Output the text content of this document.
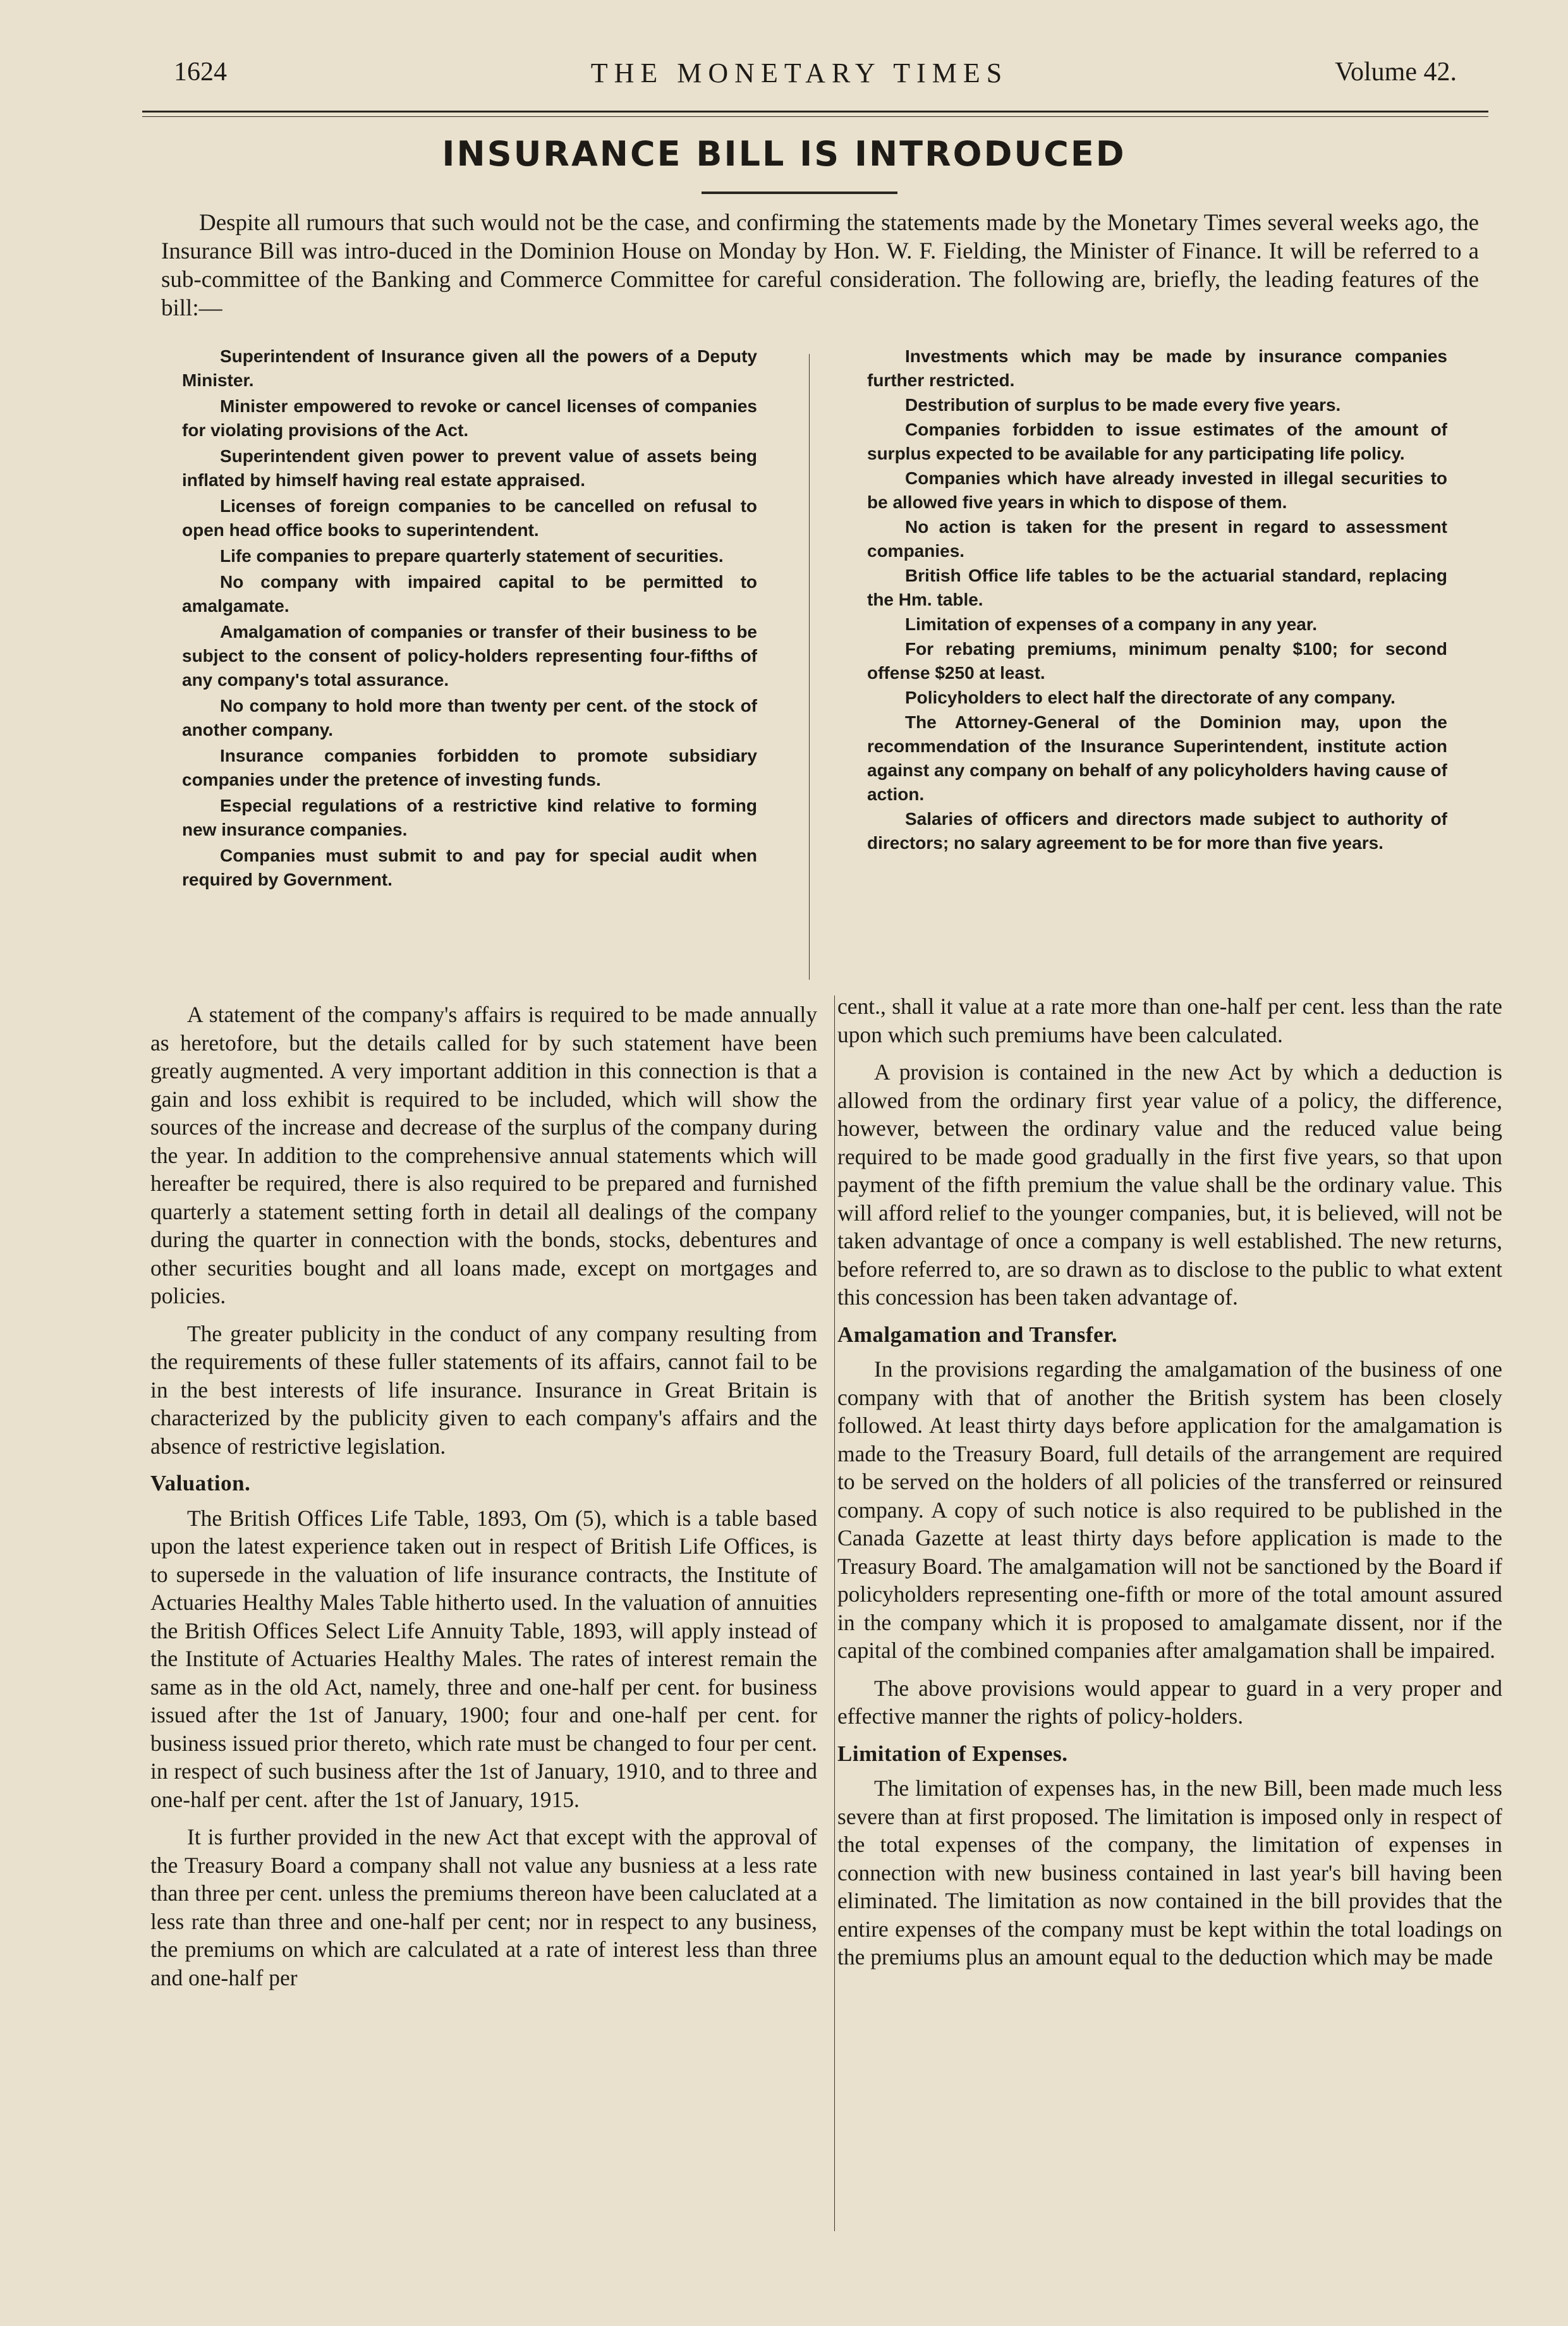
1624	THE MONETARY TIMES	Volume 42.
INSURANCE BILL IS INTRODUCED
Despite all rumours that such would not be the case, and confirming the statements made by the Monetary Times several weeks ago, the Insurance Bill was intro-duced in the Dominion House on Monday by Hon. W. F. Fielding, the Minister of Finance. It will be referred to a sub-committee of the Banking and Commerce Committee for careful consideration. The following are, briefly, the leading features of the bill:—

Superintendent of Insurance given all the powers of a Deputy Minister.

Minister empowered to revoke or cancel licenses of companies for violating provisions of the Act.

Superintendent given power to prevent value of assets being inflated by himself having real estate appraised.

Licenses of foreign companies to be cancelled on refusal to open head office books to superintendent.

Life companies to prepare quarterly statement of securities.

No company with impaired capital to be permitted to amalgamate.

Amalgamation of companies or transfer of their business to be subject to the consent of policy-holders representing four-fifths of any company's total assurance.

No company to hold more than twenty per cent. of the stock of another company.

Insurance companies forbidden to promote subsidiary companies under the pretence of investing funds.

Especial regulations of a restrictive kind relative to forming new insurance companies.

Companies must submit to and pay for special audit when required by Government.

Investments which may be made by insurance companies further restricted.

Destribution of surplus to be made every five years.

Companies forbidden to issue estimates of the amount of surplus expected to be available for any participating life policy.

Companies which have already invested in illegal securities to be allowed five years in which to dispose of them.

No action is taken for the present in regard to assessment companies.

British Office life tables to be the actuarial standard, replacing the Hm. table.

Limitation of expenses of a company in any year.

For rebating premiums, minimum penalty $100; for second offense $250 at least.

Policyholders to elect half the directorate of any company.

The Attorney-General of the Dominion may, upon the recommendation of the Insurance Superintendent, institute action against any company on behalf of any policyholders having cause of action.

Salaries of officers and directors made subject to authority of directors; no salary agreement to be for more than five years.

A statement of the company's affairs is required to be made annually as heretofore, but the details called for by such statement have been greatly augmented. A very important addition in this connection is that a gain and loss exhibit is required to be included, which will show the sources of the increase and decrease of the surplus of the company during the year. In addition to the comprehensive annual statements which will hereafter be required, there is also required to be prepared and furnished quarterly a statement setting forth in detail all dealings of the company during the quarter in connection with the bonds, stocks, debentures and other securities bought and all loans made, except on mortgages and policies.

The greater publicity in the conduct of any company resulting from the requirements of these fuller statements of its affairs, cannot fail to be in the best interests of life insurance. Insurance in Great Britain is characterized by the publicity given to each company's affairs and the absence of restrictive legislation.

Valuation.

The British Offices Life Table, 1893, Om (5), which is a table based upon the latest experience taken out in respect of British Life Offices, is to supersede in the valuation of life insurance contracts, the Institute of Actuaries Healthy Males Table hitherto used. In the valuation of annuities the British Offices Select Life Annuity Table, 1893, will apply instead of the Institute of Actuaries Healthy Males. The rates of interest remain the same as in the old Act, namely, three and one-half per cent. for business issued after the 1st of January, 1900; four and one-half per cent. for business issued prior thereto, which rate must be changed to four per cent. in respect of such business after the 1st of January, 1910, and to three and one-half per cent. after the 1st of January, 1915.

It is further provided in the new Act that except with the approval of the Treasury Board a company shall not value any busniess at a less rate than three per cent. unless the premiums thereon have been caluclated at a less rate than three and one-half per cent; nor in respect to any business, the premiums on which are calculated at a rate of interest less than three and one-half per

cent., shall it value at a rate more than one-half per cent. less than the rate upon which such premiums have been calculated.

A provision is contained in the new Act by which a deduction is allowed from the ordinary first year value of a policy, the difference, however, between the ordinary value and the reduced value being required to be made good gradually in the first five years, so that upon payment of the fifth premium the value shall be the ordinary value. This will afford relief to the younger companies, but, it is believed, will not be taken advantage of once a company is well established. The new returns, before referred to, are so drawn as to disclose to the public to what extent this concession has been taken advantage of.

Amalgamation and Transfer.

In the provisions regarding the amalgamation of the business of one company with that of another the British system has been closely followed. At least thirty days before application for the amalgamation is made to the Treasury Board, full details of the arrangement are required to be served on the holders of all policies of the transferred or reinsured company. A copy of such notice is also required to be published in the Canada Gazette at least thirty days before application is made to the Treasury Board. The amalgamation will not be sanctioned by the Board if policyholders representing one-fifth or more of the total amount assured in the company which it is proposed to amalgamate dissent, nor if the capital of the combined companies after amalgamation shall be impaired.

The above provisions would appear to guard in a very proper and effective manner the rights of policy-holders.

Limitation of Expenses.

The limitation of expenses has, in the new Bill, been made much less severe than at first proposed. The limitation is imposed only in respect of the total expenses of the company, the limitation of expenses in connection with new business contained in last year's bill having been eliminated. The limitation as now contained in the bill provides that the entire expenses of the company must be kept within the total loadings on the premiums plus an amount equal to the deduction which may be made
